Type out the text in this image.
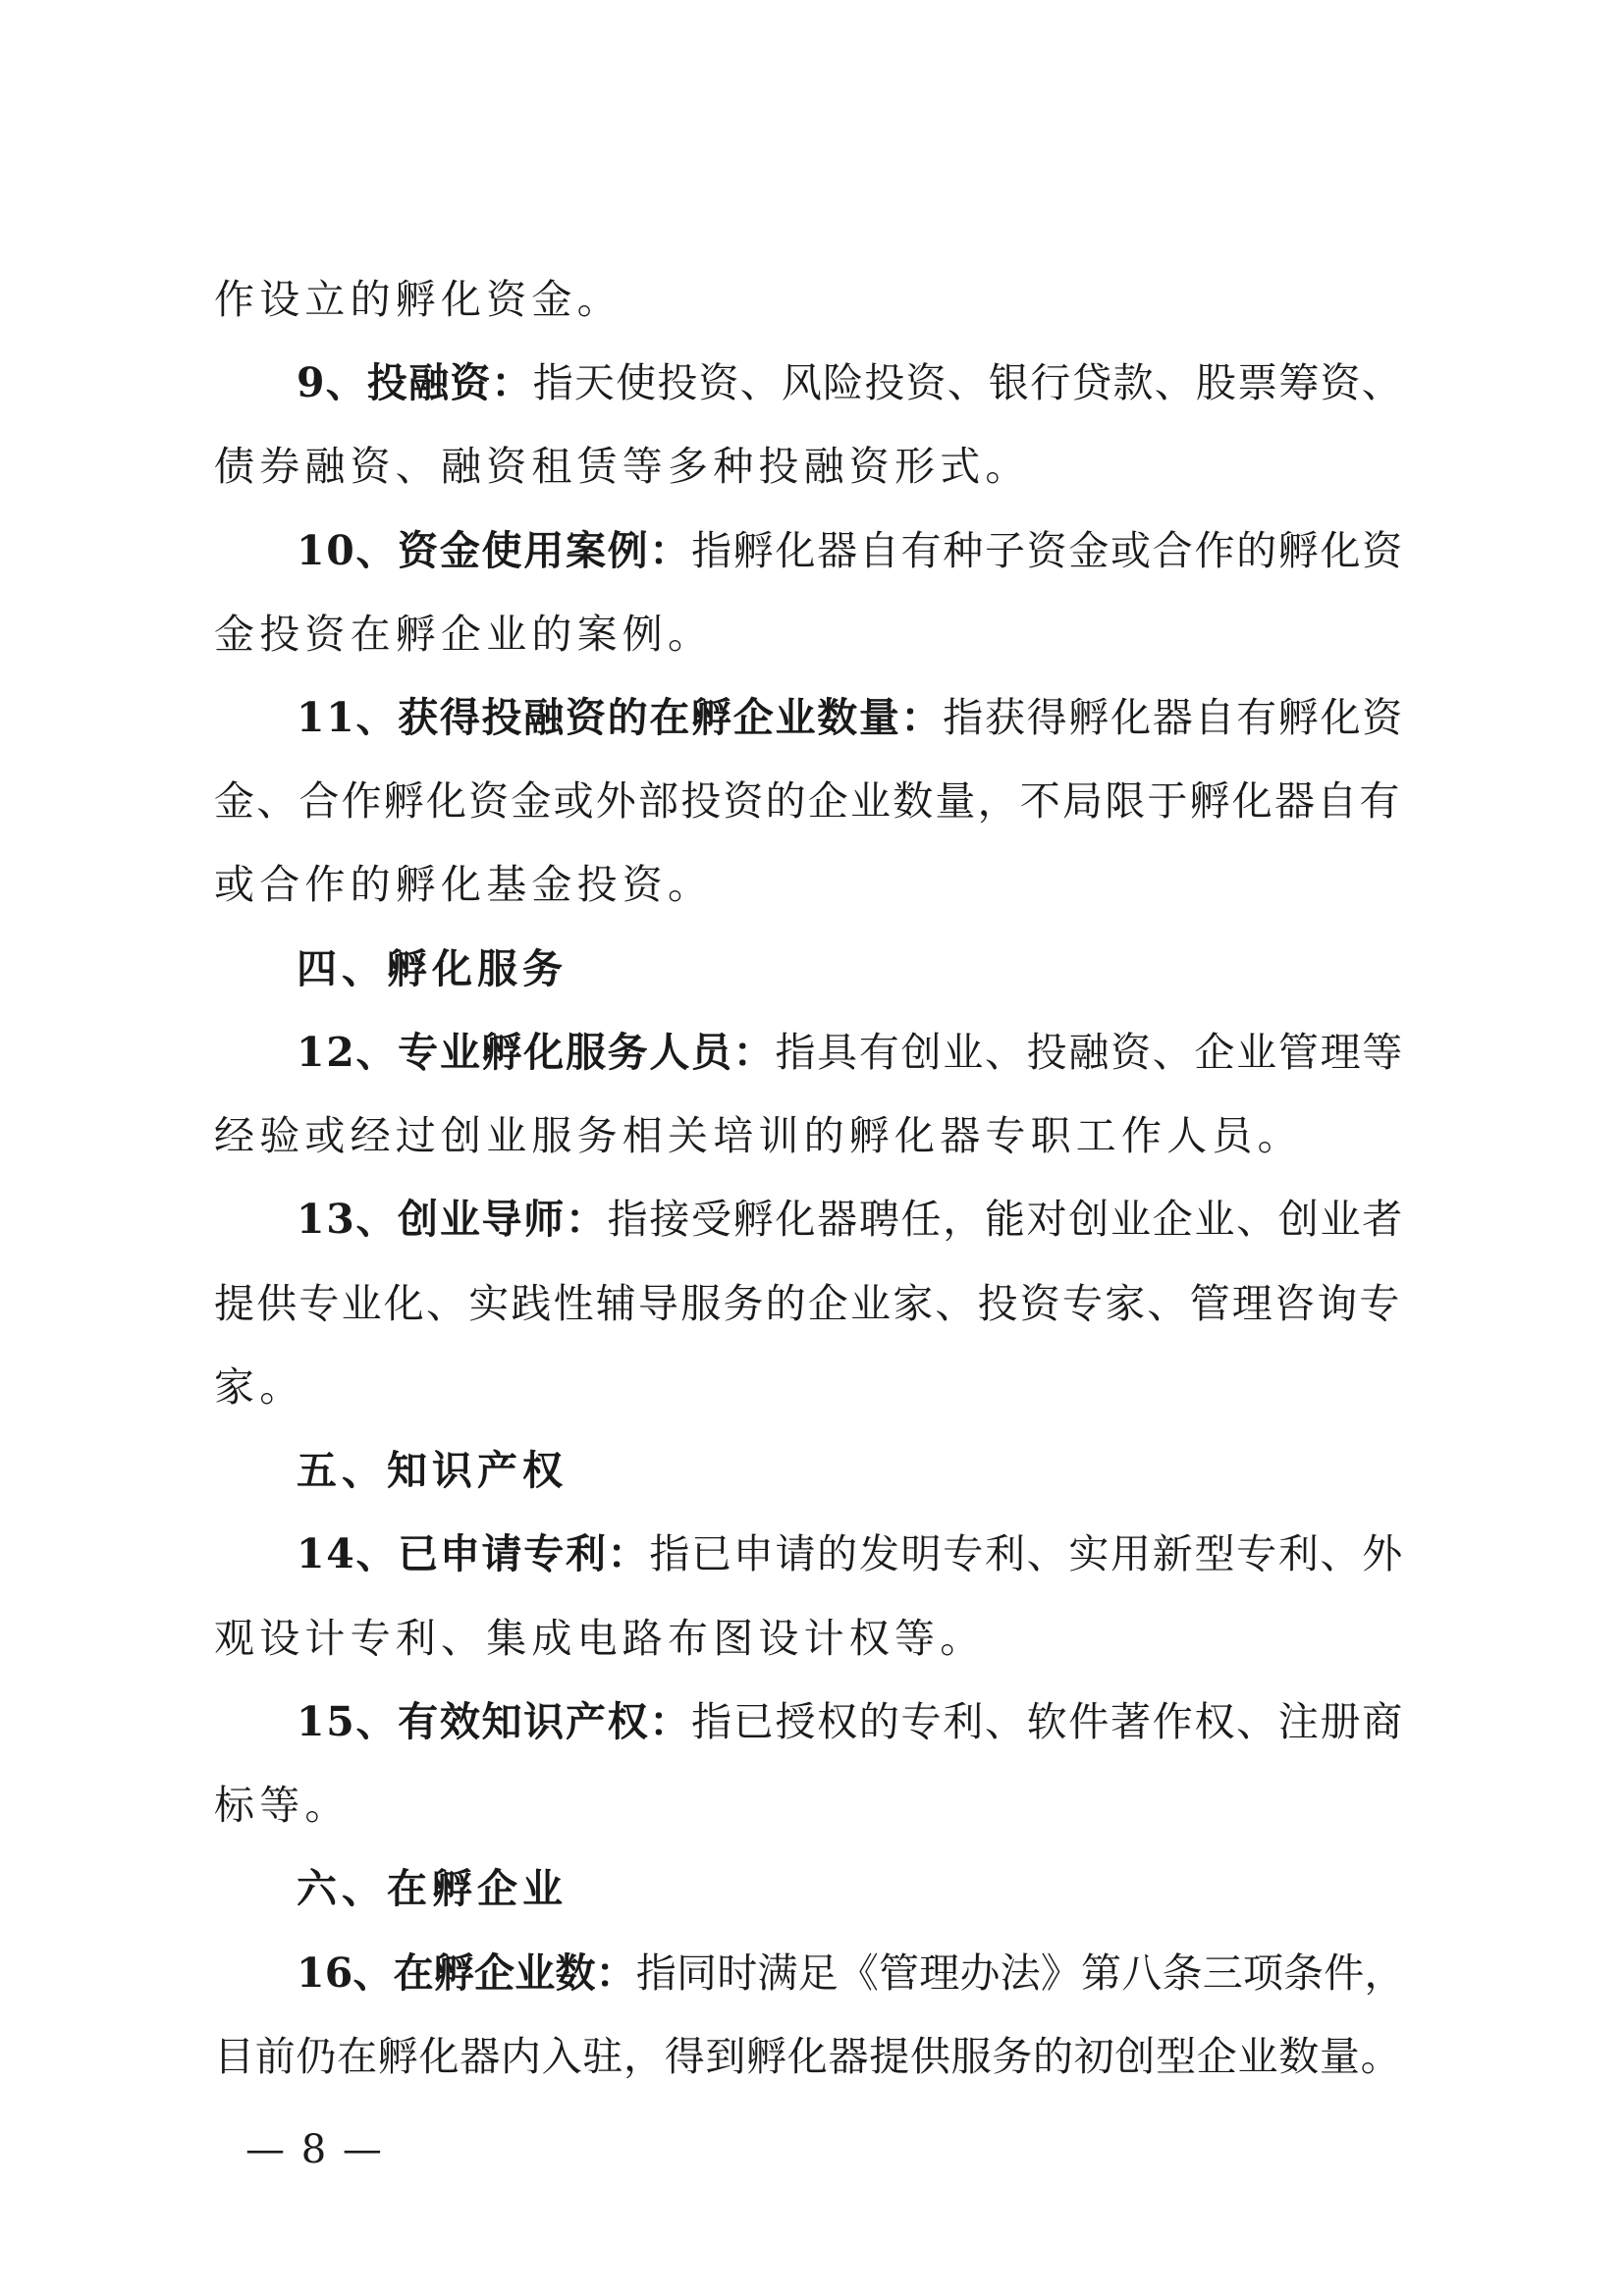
作设立的孵化资金。
9、投融资：指天使投资、风险投资、银行贷款、股票筹资、
债券融资、融资租赁等多种投融资形式。
10、资金使用案例：指孵化器自有种子资金或合作的孵化资
金投资在孵企业的案例。
11、获得投融资的在孵企业数量：指获得孵化器自有孵化资
金、合作孵化资金或外部投资的企业数量，不局限于孵化器自有
或合作的孵化基金投资。
四、孵化服务
12、专业孵化服务人员：指具有创业、投融资、企业管理等
经验或经过创业服务相关培训的孵化器专职工作人员。
13、创业导师：指接受孵化器聘任，能对创业企业、创业者
提供专业化、实践性辅导服务的企业家、投资专家、管理咨询专
家。
五、知识产权
14、已申请专利：指已申请的发明专利、实用新型专利、外
观设计专利、集成电路布图设计权等。
15、有效知识产权：指已授权的专利、软件著作权、注册商
标等。
六、在孵企业
16、在孵企业数：指同时满足《管理办法》第八条三项条件，
目前仍在孵化器内入驻，得到孵化器提供服务的初创型企业数量。
— 8 —
